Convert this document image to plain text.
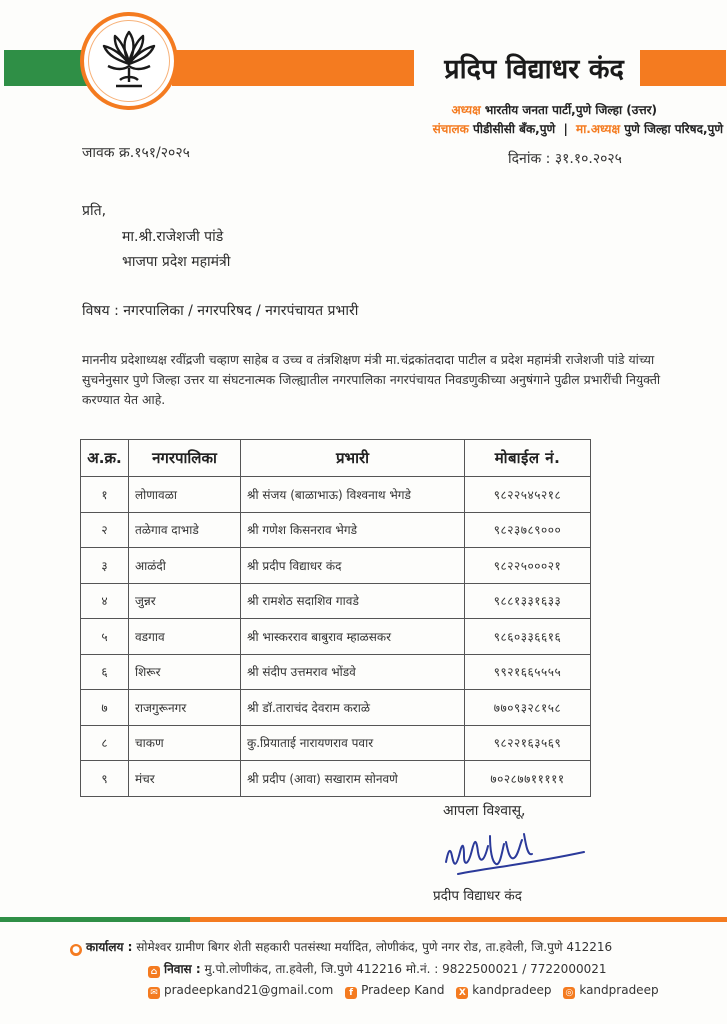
प्रदिप विद्याधर कंद
अध्यक्ष भारतीय जनता पार्टी,पुणे जिल्हा (उत्तर)
संचालक पीडीसीसी बँक,पुणे | मा.अध्यक्ष पुणे जिल्हा परिषद,पुणे
जावक क्र.१५१/२०२५	दिनांक : ३१.१०.२०२५
प्रति,
मा.श्री.राजेशजी पांडे
भाजपा प्रदेश महामंत्री
विषय : नगरपालिका / नगरपरिषद / नगरपंचायत प्रभारी
माननीय प्रदेशाध्यक्ष रवींद्रजी चव्हाण साहेब व उच्च व तंत्रशिक्षण मंत्री मा.चंद्रकांतदादा पाटील व प्रदेश महामंत्री राजेशजी पांडे यांच्या सुचनेनुसार पुणे जिल्हा उत्तर या संघटनात्मक जिल्ह्यातील नगरपालिका नगरपंचायत निवडणुकीच्या अनुषंगाने पुढील प्रभारींची नियुक्ती करण्यात येत आहे.
अ.क्र.	नगरपालिका	प्रभारी	मोबाईल नं.
१	लोणावळा	श्री संजय (बाळाभाऊ) विश्वनाथ भेगडे	९८२२५४५२१८
२	तळेगाव दाभाडे	श्री गणेश किसनराव भेगडे	९८२३७८९०००
३	आळंदी	श्री प्रदीप विद्याधर कंद	९८२२५०००२१
४	जुन्नर	श्री रामशेठ सदाशिव गावडे	९८८१३३१६३३
५	वडगाव	श्री भास्करराव बाबुराव म्हाळसकर	९८६०३३६६१६
६	शिरूर	श्री संदीप उत्तमराव भोंडवे	९९२१६६५५५५
७	राजगुरूनगर	श्री डॉ.ताराचंद देवराम कराळे	७७०९३२८१५८
८	चाकण	कु.प्रियाताई नारायणराव पवार	९८२२१६३५६९
९	मंचर	श्री प्रदीप (आवा) सखाराम सोनवणे	७०२८७७१११११
आपला विश्वासू,
प्रदीप विद्याधर कंद
● कार्यालय : सोमेश्वर ग्रामीण बिगर शेती सहकारी पतसंस्था मर्यादित, लोणीकंद, पुणे नगर रोड, ता.हवेली, जि.पुणे 412216
⌂ निवास : मु.पो.लोणीकंद, ता.हवेली, जि.पुणे 412216 मो.नं. : 9822500021 / 7722000021
✉ pradeepkand21@gmail.com f Pradeep Kand X kandpradeep ◎ kandpradeep
